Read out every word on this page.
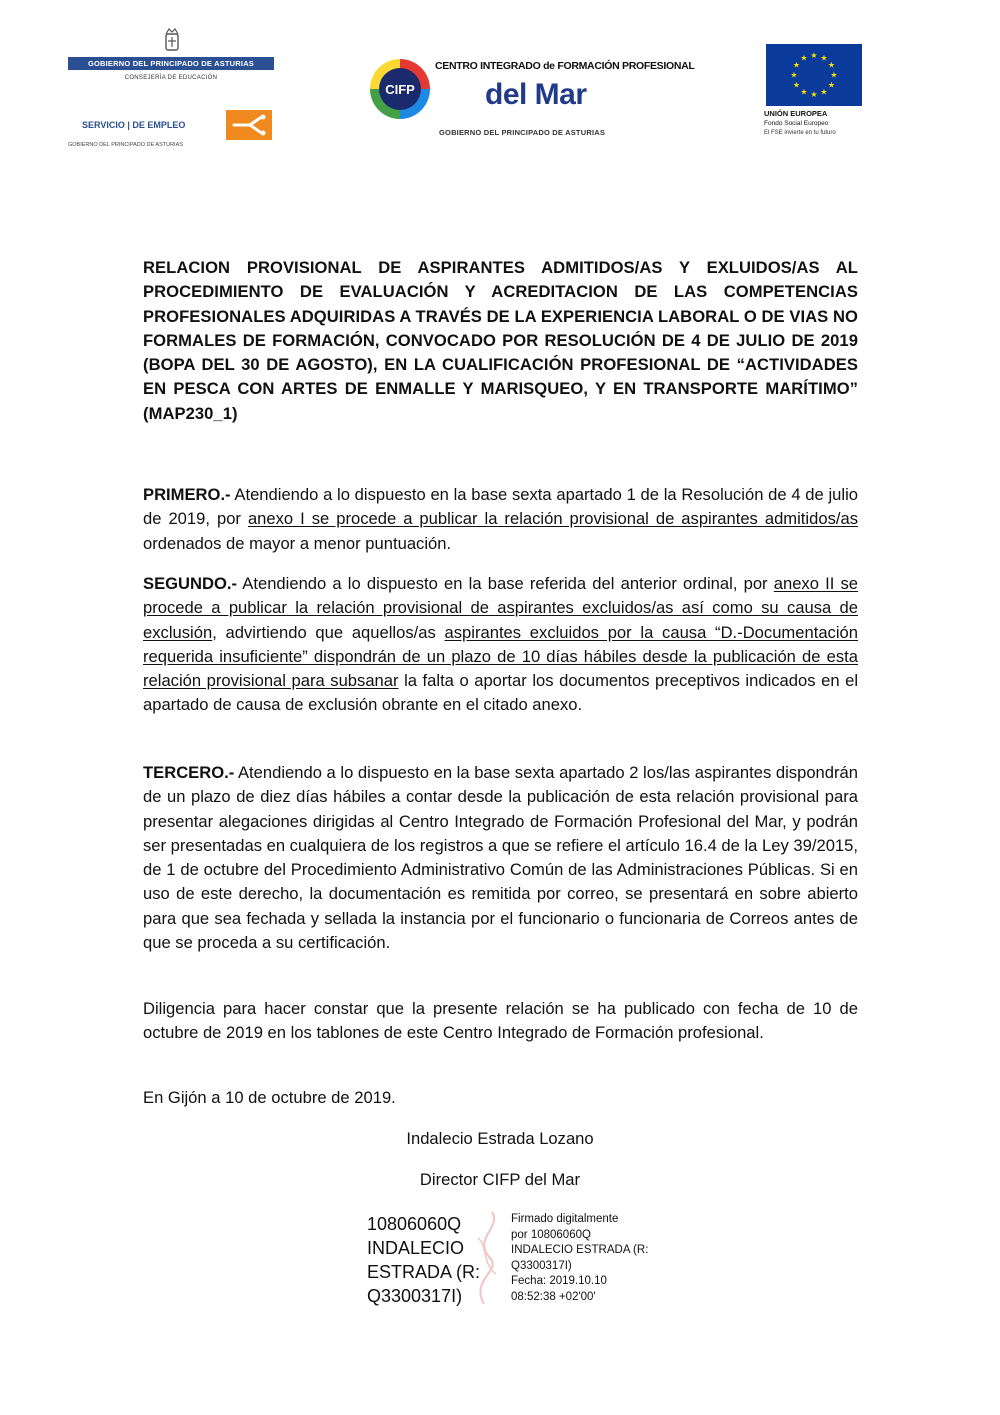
GOBIERNO DEL PRINCIPADO DE ASTURIAS
CONSEJERÍA DE EDUCACIÓN
SERVICIO | DE EMPLEO
GOBIERNO DEL PRINCIPADO DE ASTURIAS
CIFP
CENTRO INTEGRADO de FORMACIÓN PROFESIONAL
del Mar
GOBIERNO DEL PRINCIPADO DE ASTURIAS
★ ★
★
★
★
★
★
★
★
★
★
★
UNIÓN EUROPEA
Fondo Social Europeo
El FSE invierte en tu futuro
RELACION PROVISIONAL DE ASPIRANTES ADMITIDOS/AS Y EXLUIDOS/AS AL PROCEDIMIENTO DE EVALUACIÓN Y ACREDITACION DE LAS COMPETENCIAS PROFESIONALES ADQUIRIDAS A TRAVÉS DE LA EXPERIENCIA LABORAL O DE VIAS NO FORMALES DE FORMACIÓN, CONVOCADO POR RESOLUCIÓN DE 4 DE JULIO DE 2019 (BOPA DEL 30 DE AGOSTO), EN LA CUALIFICACIÓN PROFESIONAL DE “ACTIVIDADES EN PESCA CON ARTES DE ENMALLE Y MARISQUEO, Y EN TRANSPORTE MARÍTIMO” (MAP230_1)
PRIMERO.- Atendiendo a lo dispuesto en la base sexta apartado 1 de la Resolución de 4 de julio de 2019, por anexo I se procede a publicar la relación provisional de aspirantes admitidos/as ordenados de mayor a menor puntuación.
SEGUNDO.- Atendiendo a lo dispuesto en la base referida del anterior ordinal, por anexo II se procede a publicar la relación provisional de aspirantes excluidos/as así como su causa de exclusión, advirtiendo que aquellos/as aspirantes excluidos por la causa “D.-Documentación requerida insuficiente” dispondrán de un plazo de 10 días hábiles desde la publicación de esta relación provisional para subsanar la falta o aportar los documentos preceptivos indicados en el apartado de causa de exclusión obrante en el citado anexo.
TERCERO.- Atendiendo a lo dispuesto en la base sexta apartado 2 los/las aspirantes dispondrán de un plazo de diez días hábiles a contar desde la publicación de esta relación provisional para presentar alegaciones dirigidas al Centro Integrado de Formación Profesional del Mar, y podrán ser presentadas en cualquiera de los registros a que se refiere el artículo 16.4 de la Ley 39/2015, de 1 de octubre del Procedimiento Administrativo Común de las Administraciones Públicas. Si en uso de este derecho, la documentación es remitida por correo, se presentará en sobre abierto para que sea fechada y sellada la instancia por el funcionario o funcionaria de Correos antes de que se proceda a su certificación.
Diligencia para hacer constar que la presente relación se ha publicado con fecha de 10 de octubre de 2019 en los tablones de este Centro Integrado de Formación profesional.
En Gijón a 10 de octubre de 2019.
Indalecio Estrada Lozano
Director CIFP del Mar
10806060Q
INDALECIO
ESTRADA (R:
Q3300317I)
Firmado digitalmente
por 10806060Q
INDALECIO ESTRADA (R:
Q3300317I)
Fecha: 2019.10.10
08:52:38 +02'00'
